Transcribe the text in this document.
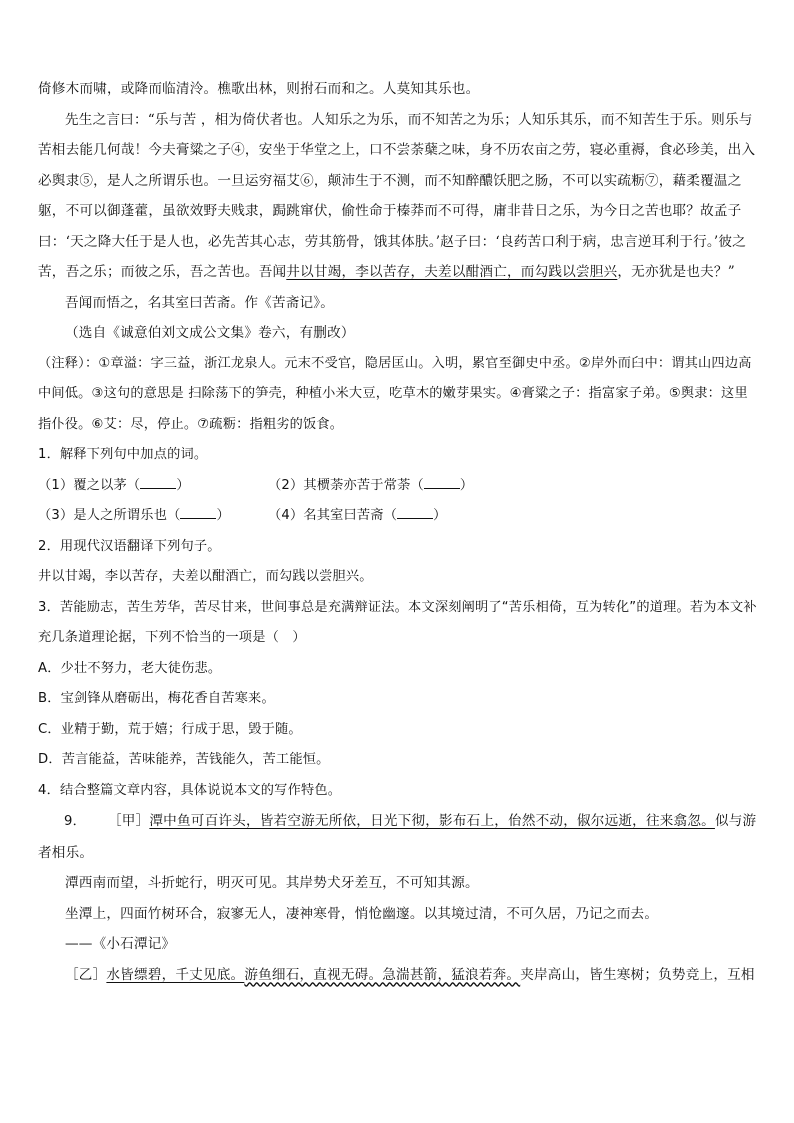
倚修木而啸，或降而临清泠。樵歌出林，则拊石而和之。人莫知其乐也。

先生之言曰：“乐与苦 ，相为倚伏者也。人知乐之为乐，而不知苦之为乐；人知乐其乐，而不知苦生于乐。则乐与苦相去能几何哉！今夫膏粱之子④，安坐于华堂之上，口不尝荼蘖之味，身不历农亩之劳，寝必重褥，食必珍美，出入必舆隶⑤，是人之所谓乐也。一旦运穷福艾⑥，颠沛生于不测，而不知醉醲饫肥之肠，不可以实疏粝⑦，藉柔覆温之躯，不可以御蓬藿，虽欲效野夫贱隶，跼跳窜伏，偷性命于榛莽而不可得，庸非昔日之乐，为今日之苦也耶？故孟子曰：‘天之降大任于是人也，必先苦其心志，劳其筋骨，饿其体肤。’赵子曰：‘良药苦口利于病，忠言逆耳利于行。’彼之苦，吾之乐；而彼之乐，吾之苦也。吾闻井以甘竭，李以苦存，夫差以酣酒亡，而勾践以尝胆兴，无亦犹是也夫？”

吾闻而悟之，名其室曰苦斋。作《苦斋记》。

（选自《诚意伯刘文成公文集》卷六，有删改）

（注释）：①章溢：字三益，浙江龙泉人。元末不受官，隐居匡山。入明，累官至御史中丞。②岸外而臼中：谓其山四边高中间低。③这句的意思是 扫除荡下的笋壳，种植小米大豆，吃草木的嫩芽果实。④膏粱之子：指富家子弟。⑤舆隶：这里指仆役。⑥艾：尽，停止。⑦疏粝：指粗劣的饭食。

1．解释下列句中加点的词。

（1）覆之以茅（	）	（2）其槚荼亦苦于常荼（	）

（3）是人之所谓乐也（	）	（4）名其室曰苦斋（	）

2．用现代汉语翻译下列句子。

井以甘竭，李以苦存，夫差以酣酒亡，而勾践以尝胆兴。

3．苦能励志，苦生芳华，苦尽甘来，世间事总是充满辩证法。本文深刻阐明了“苦乐相倚，互为转化”的道理。若为本文补充几条道理论据，下列不恰当的一项是（　）

A．少壮不努力，老大徒伤悲。

B．宝剑锋从磨砺出，梅花香自苦寒来。

C．业精于勤，荒于嬉；行成于思，毁于随。

D．苦言能益，苦味能养，苦钱能久，苦工能恒。

4．结合整篇文章内容，具体说说本文的写作特色。

9． ［甲］潭中鱼可百许头，皆若空游无所依，日光下彻，影布石上，佁然不动，俶尔远逝，往来翕忽。似与游者相乐。

潭西南而望，斗折蛇行，明灭可见。其岸势犬牙差互，不可知其源。

坐潭上，四面竹树环合，寂寥无人，凄神寒骨，悄怆幽邃。以其境过清，不可久居，乃记之而去。

——《小石潭记》

［乙］水皆缥碧，千丈见底。游鱼细石，直视无碍。急湍甚箭，猛浪若奔。夹岸高山，皆生寒树；负势竞上，互相
